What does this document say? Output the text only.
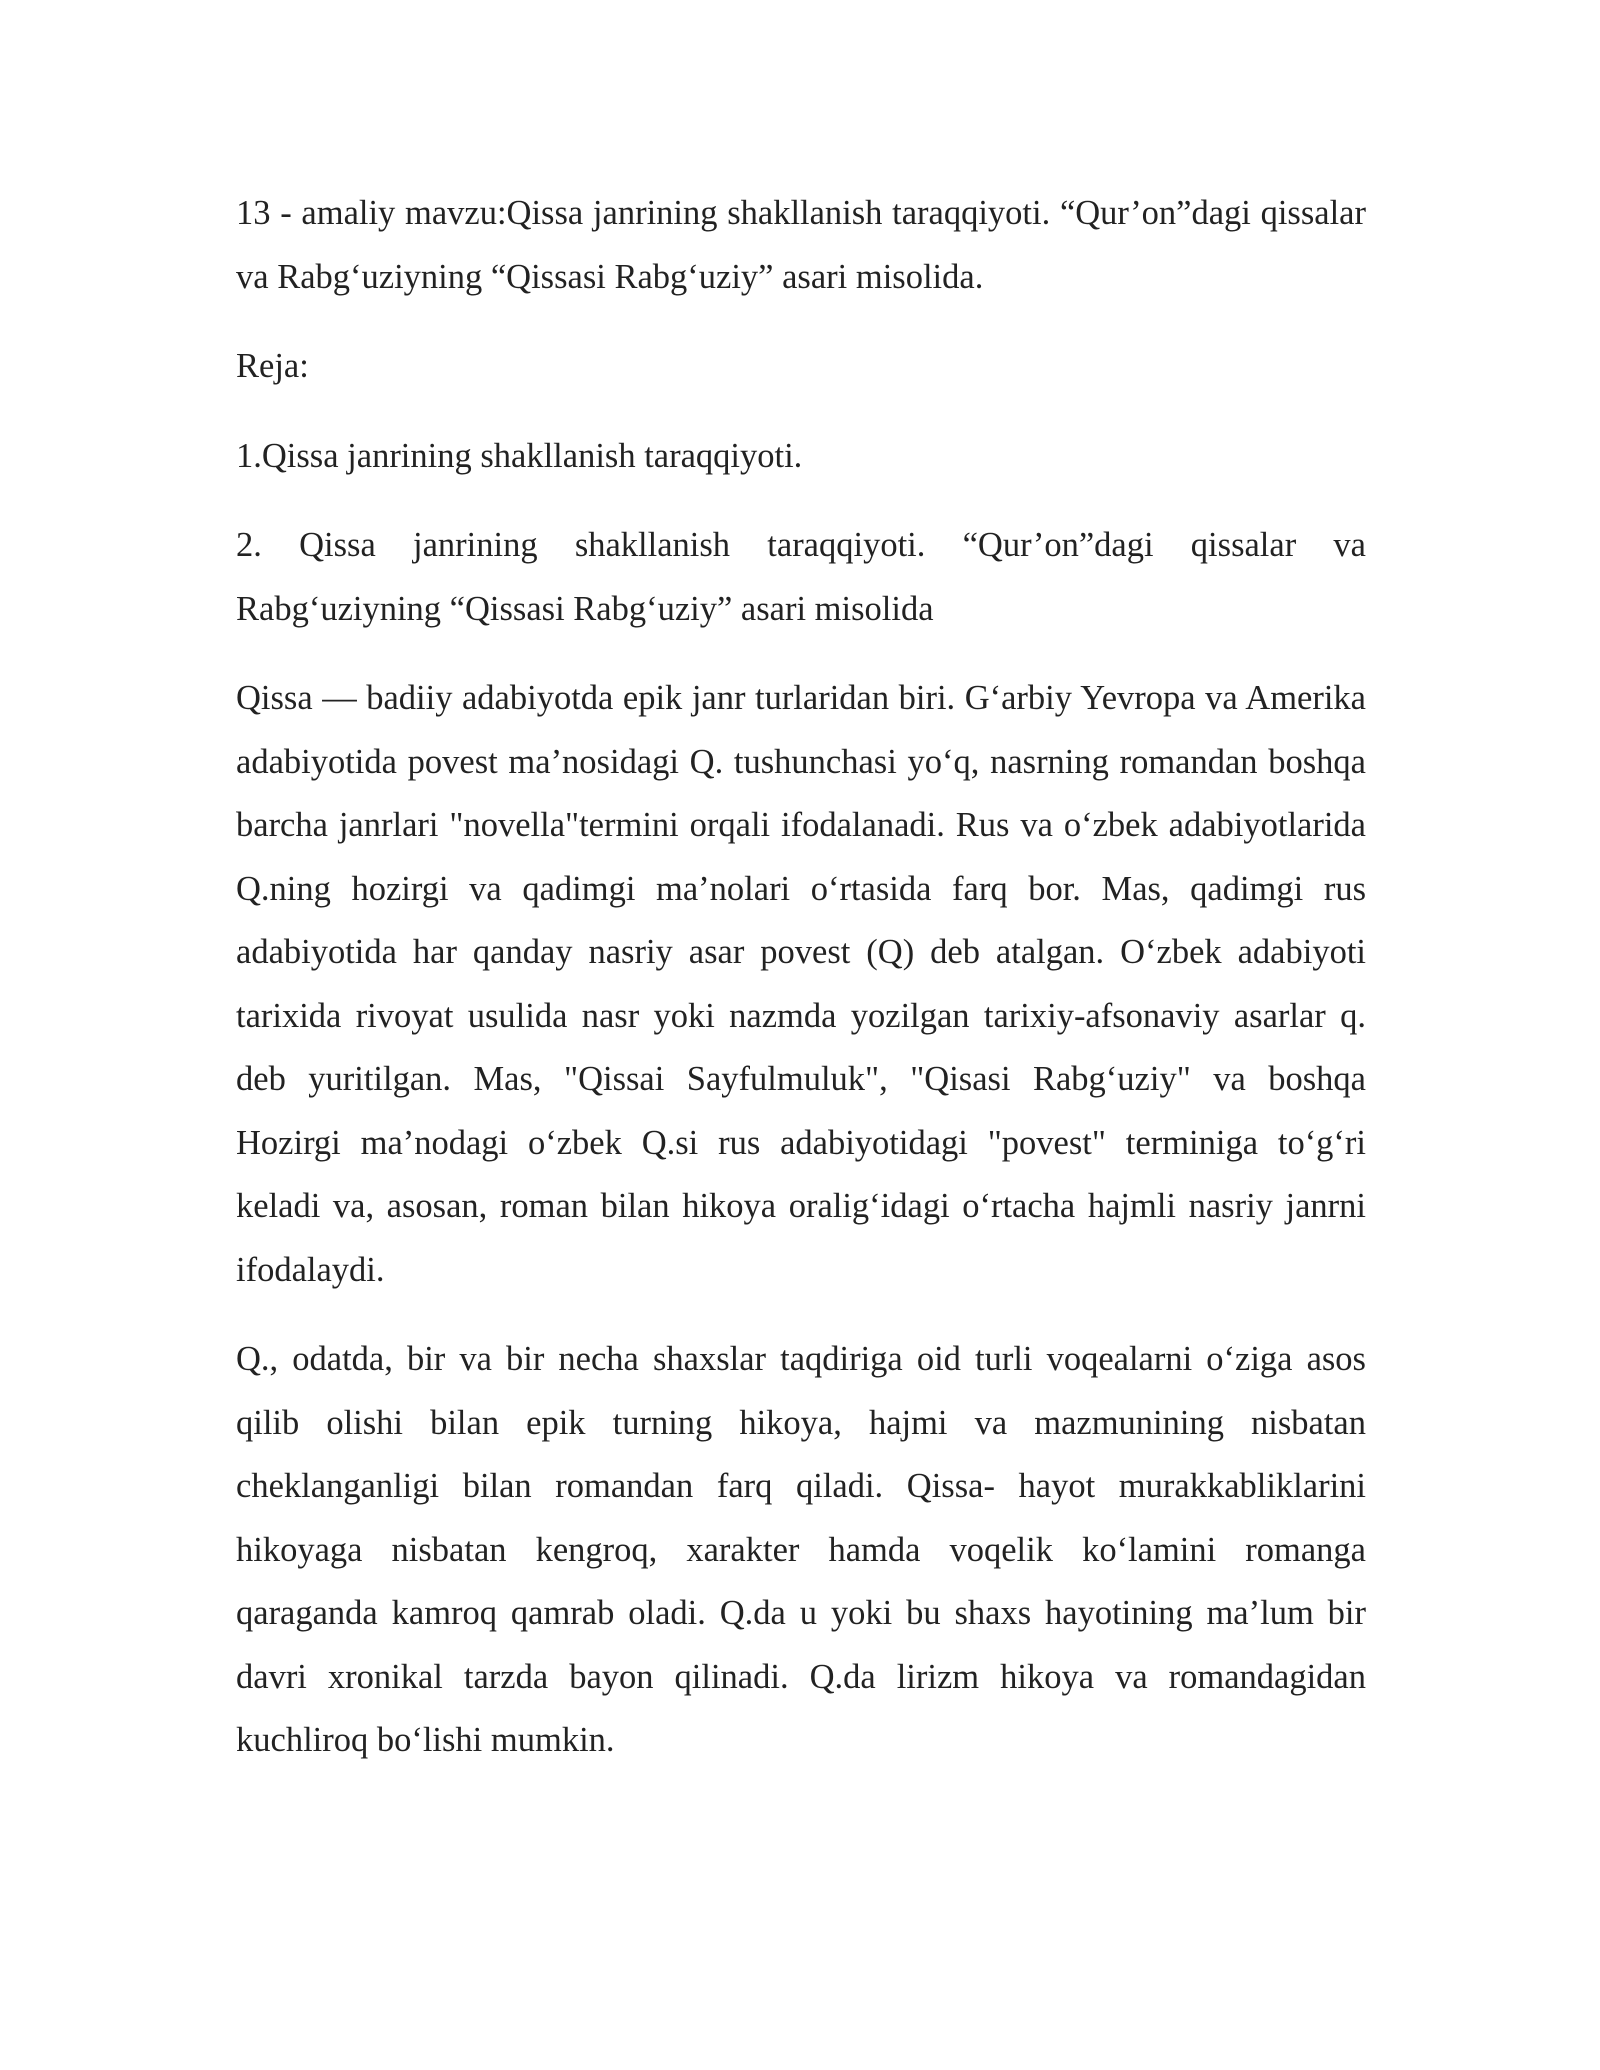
13 - amaliy mavzu:Qissa janrining shakllanish taraqqiyoti. “Qur’on”dagi qissalar va Rabg‘uziyning “Qissasi Rabg‘uziy” asari misolida.

Reja:

1.Qissa janrining shakllanish taraqqiyoti.

2. Qissa janrining shakllanish taraqqiyoti. “Qur’on”dagi qissalar va Rabg‘uziyning “Qissasi Rabg‘uziy” asari misolida

Qissa — badiiy adabiyotda epik janr turlaridan biri. G‘arbiy Yevropa va Amerika adabiyotida povest ma’nosidagi Q. tushunchasi yo‘q, nasrning romandan boshqa barcha janrlari "novella"termini orqali ifodalanadi. Rus va o‘zbek adabiyotlarida Q.ning hozirgi va qadimgi ma’nolari o‘rtasida farq bor. Mas, qadimgi rus adabiyotida har qanday nasriy asar povest (Q) deb atalgan. O‘zbek adabiyoti tarixida rivoyat usulida nasr yoki nazmda yozilgan tarixiy-afsonaviy asarlar q. deb yuritilgan. Mas, "Qissai Sayfulmuluk", "Qisasi Rabg‘uziy" va boshqa Hozirgi ma’nodagi o‘zbek Q.si rus adabiyotidagi "povest" terminiga to‘g‘ri keladi va, asosan, roman bilan hikoya oralig‘idagi o‘rtacha hajmli nasriy janrni ifodalaydi.

Q., odatda, bir va bir necha shaxslar taqdiriga oid turli voqealarni o‘ziga asos qilib olishi bilan epik turning hikoya, hajmi va mazmunining nisbatan cheklanganligi bilan romandan farq qiladi. Qissa- hayot murakkabliklarini hikoyaga nisbatan kengroq, xarakter hamda voqelik ko‘lamini romanga qaraganda kamroq qamrab oladi. Q.da u yoki bu shaxs hayotining ma’lum bir davri xronikal tarzda bayon qilinadi. Q.da lirizm hikoya va romandagidan kuchliroq bo‘lishi mumkin.
